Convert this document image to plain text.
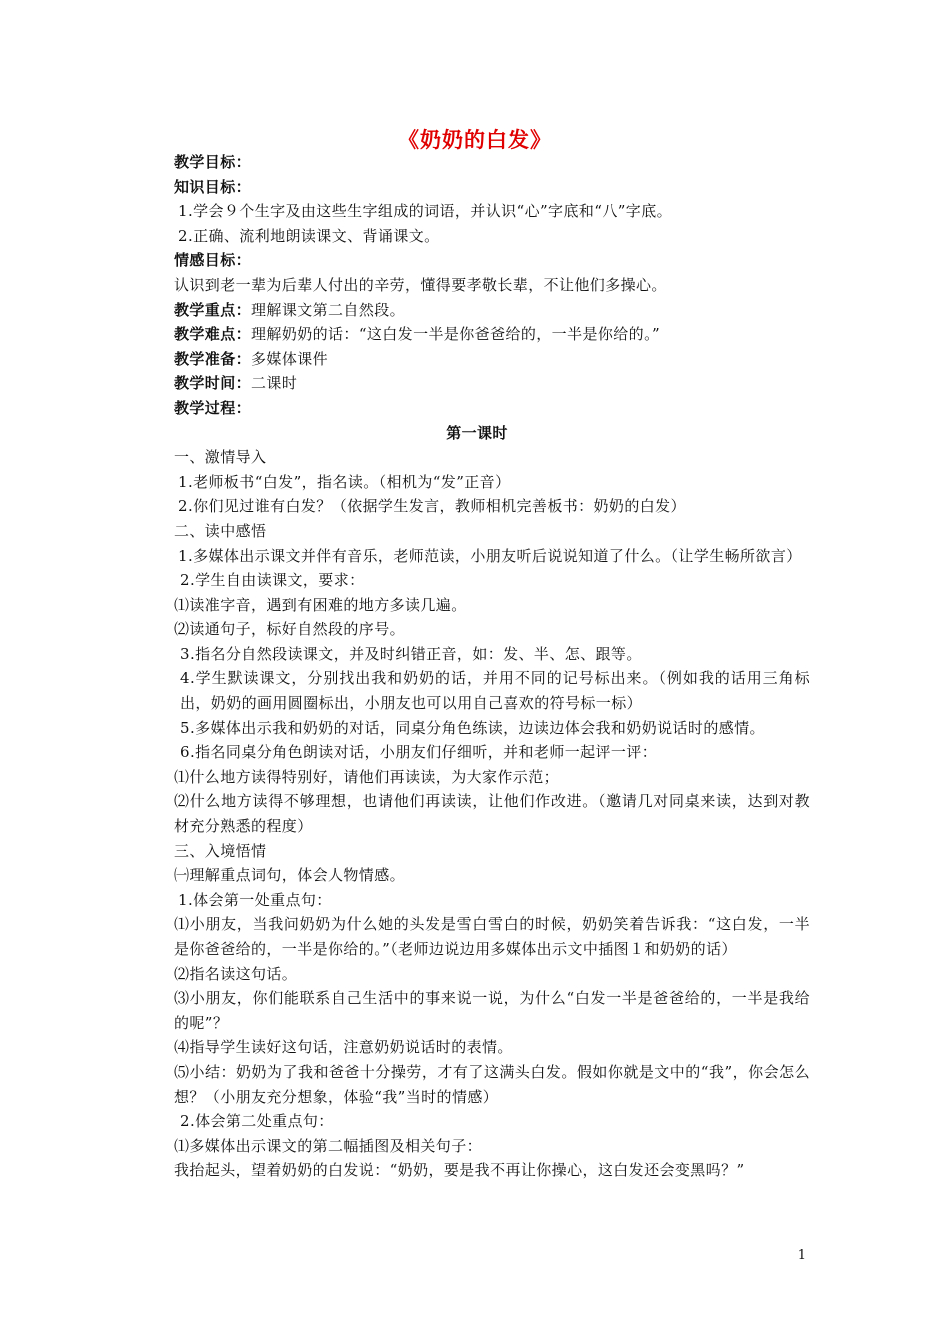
《奶奶的白发》

教学目标：

知识目标：

1.学会９个生字及由这些生字组成的词语，并认识“心”字底和“八”字底。

2.正确、流利地朗读课文、背诵课文。

情感目标：

认识到老一辈为后辈人付出的辛劳，懂得要孝敬长辈，不让他们多操心。

教学重点：理解课文第二自然段。

教学难点：理解奶奶的话：“这白发一半是你爸爸给的，一半是你给的。”

教学准备：多媒体课件

教学时间：二课时

教学过程：

第一课时

一、激情导入

1.老师板书“白发”，指名读。（相机为“发”正音）

2.你们见过谁有白发？（依据学生发言，教师相机完善板书：奶奶的白发）

二、读中感悟

1.多媒体出示课文并伴有音乐，老师范读，小朋友听后说说知道了什么。（让学生畅所欲言）

2.学生自由读课文，要求：

⑴读准字音，遇到有困难的地方多读几遍。

⑵读通句子，标好自然段的序号。

3.指名分自然段读课文，并及时纠错正音，如：发、半、怎、跟等。

4.学生默读课文，分别找出我和奶奶的话，并用不同的记号标出来。（例如我的话用三角标出，奶奶的画用圆圈标出，小朋友也可以用自己喜欢的符号标一标）

5.多媒体出示我和奶奶的对话，同桌分角色练读，边读边体会我和奶奶说话时的感情。

6.指名同桌分角色朗读对话，小朋友们仔细听，并和老师一起评一评：

⑴什么地方读得特别好，请他们再读读，为大家作示范；

⑵什么地方读得不够理想，也请他们再读读，让他们作改进。（邀请几对同桌来读，达到对教材充分熟悉的程度）

三、入境悟情

㈠理解重点词句，体会人物情感。

1.体会第一处重点句：

⑴小朋友，当我问奶奶为什么她的头发是雪白雪白的时候，奶奶笑着告诉我：“这白发，一半是你爸爸给的，一半是你给的。”（老师边说边用多媒体出示文中插图１和奶奶的话）

⑵指名读这句话。

⑶小朋友，你们能联系自己生活中的事来说一说，为什么“白发一半是爸爸给的，一半是我给的呢”？

⑷指导学生读好这句话，注意奶奶说话时的表情。

⑸小结：奶奶为了我和爸爸十分操劳，才有了这满头白发。假如你就是文中的“我”，你会怎么想？（小朋友充分想象，体验“我”当时的情感）

2.体会第二处重点句：

⑴多媒体出示课文的第二幅插图及相关句子：

我抬起头，望着奶奶的白发说：“奶奶，要是我不再让你操心，这白发还会变黑吗？”

1
